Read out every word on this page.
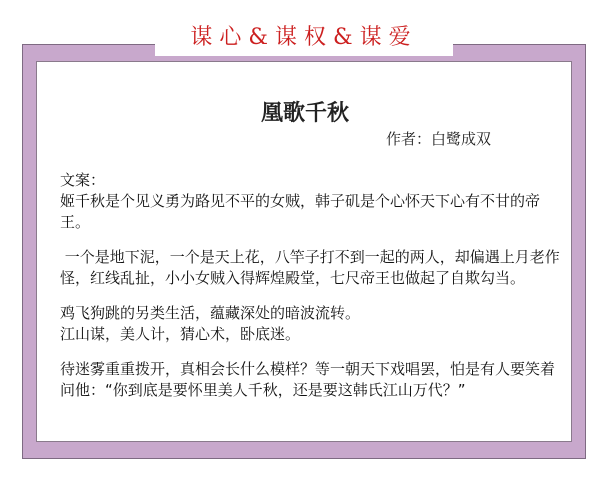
凰歌千秋
作者：白鹭成双

文案：

姬千秋是个见义勇为路见不平的女贼，韩子矶是个心怀天下心有不甘的帝王。

一个是地下泥，一个是天上花，八竿子打不到一起的两人，却偏遇上月老作怪，红线乱扯，小小女贼入得辉煌殿堂，七尺帝王也做起了自欺勾当。

鸡飞狗跳的另类生活，蕴藏深处的暗波流转。
江山谋，美人计，猜心术，卧底迷。

待迷雾重重拨开，真相会长什么模样？等一朝天下戏唱罢，怕是有人要笑着问他：“你到底是要怀里美人千秋，还是要这韩氏江山万代？”

谋心&谋权&谋爱
